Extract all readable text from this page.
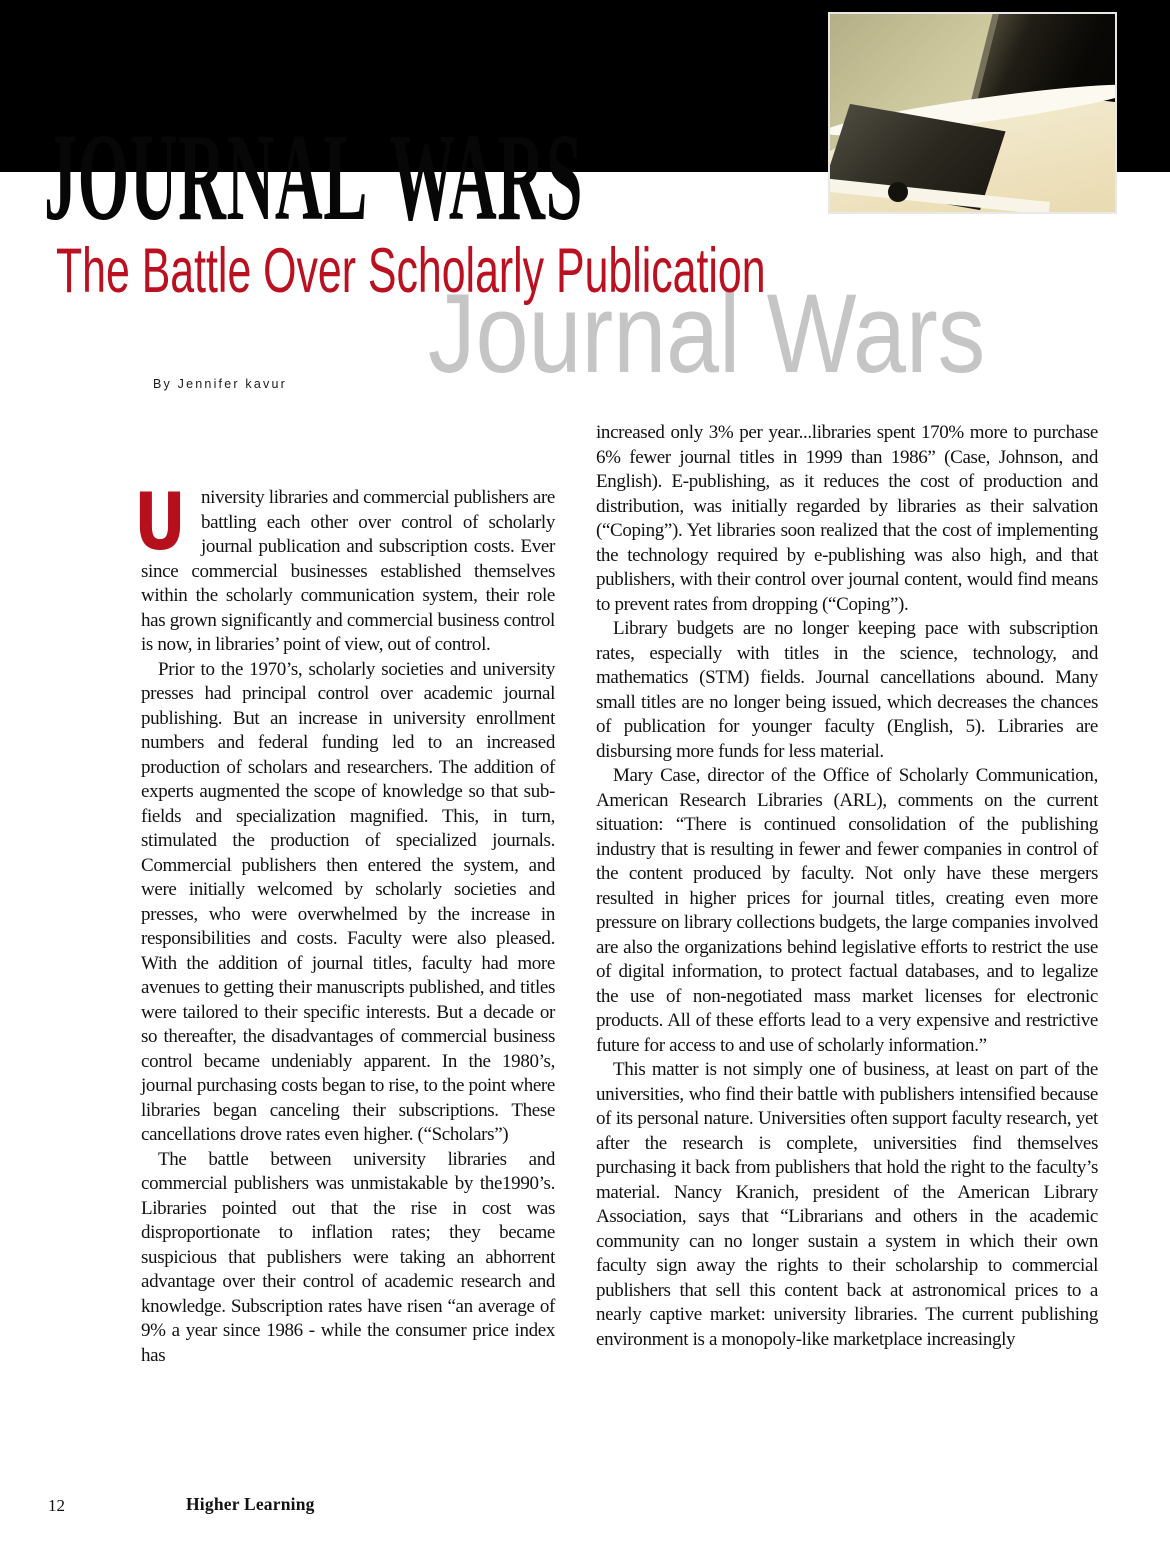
JOURNAL WARS
Journal Wars
The Battle Over Scholarly Publication
By Jennifer kavur
U niversity libraries and commercial publishers are battling each other over control of scholarly journal publication and subscription costs. Ever since commercial businesses established themselves within the scholarly communication system, their role has grown significantly and commercial business control is now, in libraries’ point of view, out of control.

Prior to the 1970’s, scholarly societies and university presses had principal control over academic journal publishing. But an increase in university enrollment numbers and federal funding led to an increased production of scholars and researchers. The addition of experts augmented the scope of knowledge so that sub-fields and specialization magnified. This, in turn, stimulated the production of specialized journals. Commercial publishers then entered the system, and were initially welcomed by scholarly societies and presses, who were overwhelmed by the increase in responsibilities and costs. Faculty were also pleased. With the addition of journal titles, faculty had more avenues to getting their manuscripts published, and titles were tailored to their specific interests. But a decade or so thereafter, the disadvantages of commercial business control became undeniably apparent. In the 1980’s, journal purchasing costs began to rise, to the point where libraries began canceling their subscriptions. These cancellations drove rates even higher. (“Scholars”)

The battle between university libraries and commercial publishers was unmistakable by the1990’s. Libraries pointed out that the rise in cost was disproportionate to inflation rates; they became suspicious that publishers were taking an abhorrent advantage over their control of academic research and knowledge. Subscription rates have risen “an average of 9% a year since 1986 - while the consumer price index has

increased only 3% per year...libraries spent 170% more to purchase 6% fewer journal titles in 1999 than 1986” (Case, Johnson, and English). E-publishing, as it reduces the cost of production and distribution, was initially regarded by libraries as their salvation (“Coping”). Yet libraries soon realized that the cost of implementing the technology required by e-publishing was also high, and that publishers, with their control over journal content, would find means to prevent rates from dropping (“Coping”).

Library budgets are no longer keeping pace with subscription rates, especially with titles in the science, technology, and mathematics (STM) fields. Journal cancellations abound. Many small titles are no longer being issued, which decreases the chances of publication for younger faculty (English, 5). Libraries are disbursing more funds for less material.

Mary Case, director of the Office of Scholarly Communication, American Research Libraries (ARL), comments on the current situation: “There is continued consolidation of the publishing industry that is resulting in fewer and fewer companies in control of the content produced by faculty. Not only have these mergers resulted in higher prices for journal titles, creating even more pressure on library collections budgets, the large companies involved are also the organizations behind legislative efforts to restrict the use of digital information, to protect factual databases, and to legalize the use of non-negotiated mass market licenses for electronic products. All of these efforts lead to a very expensive and restrictive future for access to and use of scholarly information.”

This matter is not simply one of business, at least on part of the universities, who find their battle with publishers intensified because of its personal nature. Universities often support faculty research, yet after the research is complete, universities find themselves purchasing it back from publishers that hold the right to the faculty’s material. Nancy Kranich, president of the American Library Association, says that “Librarians and others in the academic community can no longer sustain a system in which their own faculty sign away the rights to their scholarship to commercial publishers that sell this content back at astronomical prices to a nearly captive market: university libraries. The current publishing environment is a monopoly-like marketplace increasingly

12	Higher Learning
